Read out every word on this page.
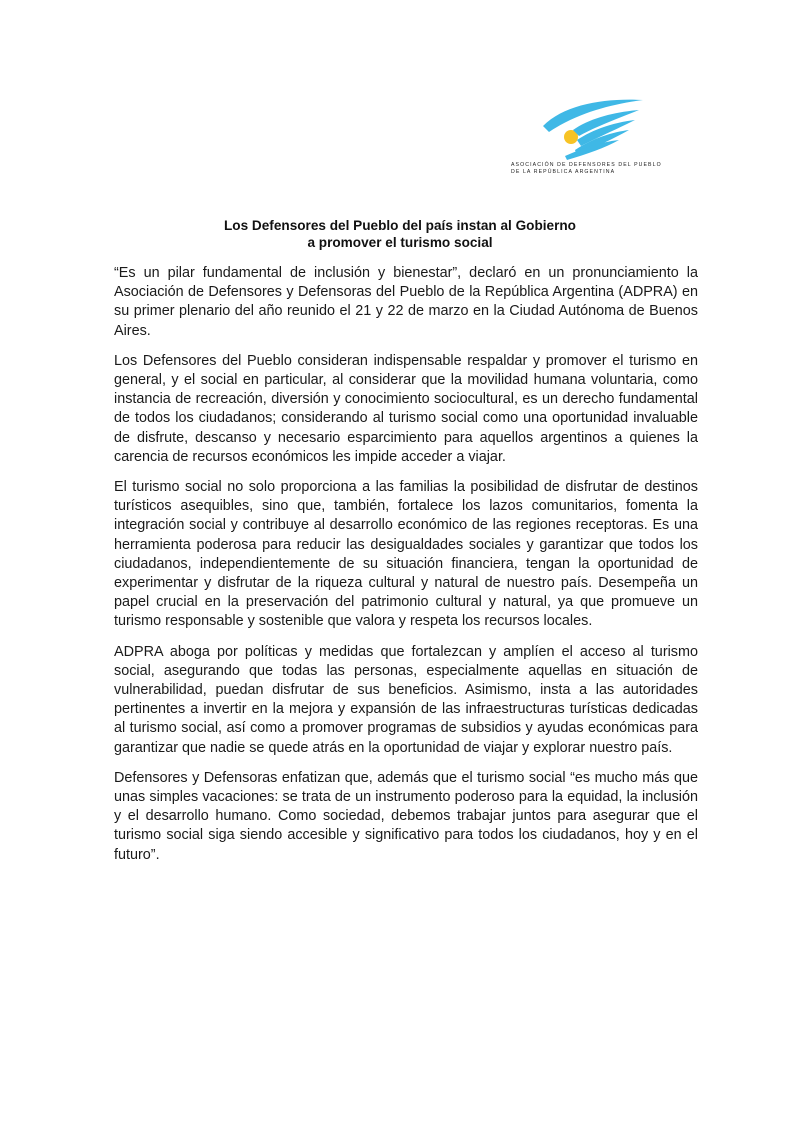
ASOCIACIÓN DE DEFENSORES DEL PUEBLO
DE LA REPÚBLICA ARGENTINA
Los Defensores del Pueblo del país instan al Gobierno
a promover el turismo social

“Es un pilar fundamental de inclusión y bienestar”, declaró en un pronunciamiento la Asociación de Defensores y Defensoras del Pueblo de la República Argentina (ADPRA) en su primer plenario del año reunido el 21 y 22 de marzo en la Ciudad Autónoma de Buenos Aires.

Los Defensores del Pueblo consideran indispensable respaldar y promover el turismo en general, y el social en particular, al considerar que la movilidad humana voluntaria, como instancia de recreación, diversión y conocimiento sociocultural, es un derecho fundamental de todos los ciudadanos; considerando al turismo social como una oportunidad invaluable de disfrute, descanso y necesario esparcimiento para aquellos argentinos a quienes la carencia de recursos económicos les impide acceder a viajar.

El turismo social no solo proporciona a las familias la posibilidad de disfrutar de destinos turísticos asequibles, sino que, también, fortalece los lazos comunitarios, fomenta la integración social y contribuye al desarrollo económico de las regiones receptoras. Es una herramienta poderosa para reducir las desigualdades sociales y garantizar que todos los ciudadanos, independientemente de su situación financiera, tengan la oportunidad de experimentar y disfrutar de la riqueza cultural y natural de nuestro país. Desempeña un papel crucial en la preservación del patrimonio cultural y natural, ya que promueve un turismo responsable y sostenible que valora y respeta los recursos locales.

ADPRA aboga por políticas y medidas que fortalezcan y amplíen el acceso al turismo social, asegurando que todas las personas, especialmente aquellas en situación de vulnerabilidad, puedan disfrutar de sus beneficios. Asimismo, insta a las autoridades pertinentes a invertir en la mejora y expansión de las infraestructuras turísticas dedicadas al turismo social, así como a promover programas de subsidios y ayudas económicas para garantizar que nadie se quede atrás en la oportunidad de viajar y explorar nuestro país.

Defensores y Defensoras enfatizan que, además que el turismo social “es mucho más que unas simples vacaciones: se trata de un instrumento poderoso para la equidad, la inclusión y el desarrollo humano. Como sociedad, debemos trabajar juntos para asegurar que el turismo social siga siendo accesible y significativo para todos los ciudadanos, hoy y en el futuro”.
